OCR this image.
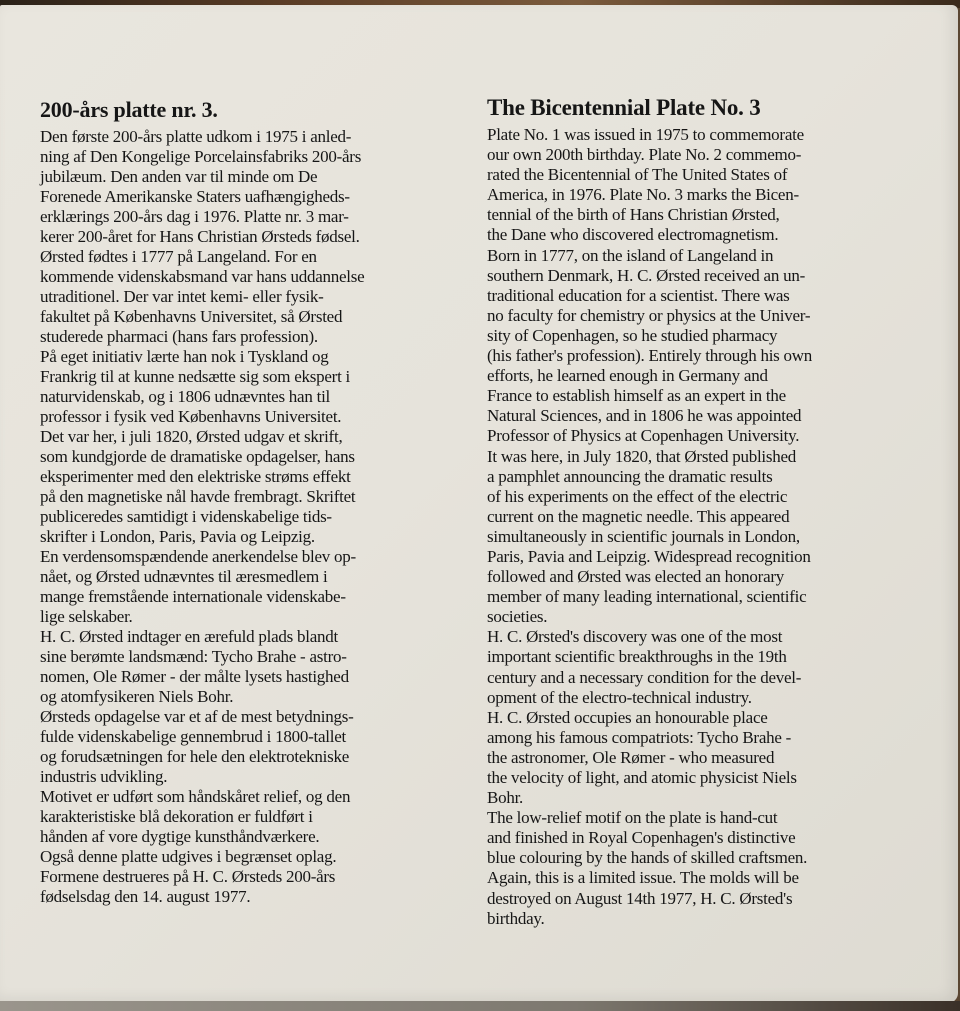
200-års platte nr. 3.
Den første 200-års platte udkom i 1975 i anled-
ning af Den Kongelige Porcelainsfabriks 200-års
jubilæum. Den anden var til minde om De
Forenede Amerikanske Staters uafhængigheds-
erklærings 200-års dag i 1976. Platte nr. 3 mar-
kerer 200-året for Hans Christian Ørsteds fødsel.
Ørsted fødtes i 1777 på Langeland. For en
kommende videnskabsmand var hans uddannelse
utraditionel. Der var intet kemi- eller fysik-
fakultet på Københavns Universitet, så Ørsted
studerede pharmaci (hans fars profession).
På eget initiativ lærte han nok i Tyskland og
Frankrig til at kunne nedsætte sig som ekspert i
naturvidenskab, og i 1806 udnævntes han til
professor i fysik ved Københavns Universitet.
Det var her, i juli 1820, Ørsted udgav et skrift,
som kundgjorde de dramatiske opdagelser, hans
eksperimenter med den elektriske strøms effekt
på den magnetiske nål havde frembragt. Skriftet
publiceredes samtidigt i videnskabelige tids-
skrifter i London, Paris, Pavia og Leipzig.
En verdensomspændende anerkendelse blev op-
nået, og Ørsted udnævntes til æresmedlem i
mange fremstående internationale videnskabe-
lige selskaber.
H. C. Ørsted indtager en ærefuld plads blandt
sine berømte landsmænd: Tycho Brahe - astro-
nomen, Ole Rømer - der målte lysets hastighed
og atomfysikeren Niels Bohr.
Ørsteds opdagelse var et af de mest betydnings-
fulde videnskabelige gennembrud i 1800-tallet
og forudsætningen for hele den elektrotekniske
industris udvikling.
Motivet er udført som håndskåret relief, og den
karakteristiske blå dekoration er fuldført i
hånden af vore dygtige kunsthåndværkere.
Også denne platte udgives i begrænset oplag.
Formene destrueres på H. C. Ørsteds 200-års
fødselsdag den 14. august 1977.
The Bicentennial Plate No. 3
Plate No. 1 was issued in 1975 to commemorate
our own 200th birthday. Plate No. 2 commemo-
rated the Bicentennial of The United States of
America, in 1976. Plate No. 3 marks the Bicen-
tennial of the birth of Hans Christian Ørsted,
the Dane who discovered electromagnetism.
Born in 1777, on the island of Langeland in
southern Denmark, H. C. Ørsted received an un-
traditional education for a scientist. There was
no faculty for chemistry or physics at the Univer-
sity of Copenhagen, so he studied pharmacy
(his father's profession). Entirely through his own
efforts, he learned enough in Germany and
France to establish himself as an expert in the
Natural Sciences, and in 1806 he was appointed
Professor of Physics at Copenhagen University.
It was here, in July 1820, that Ørsted published
a pamphlet announcing the dramatic results
of his experiments on the effect of the electric
current on the magnetic needle. This appeared
simultaneously in scientific journals in London,
Paris, Pavia and Leipzig. Widespread recognition
followed and Ørsted was elected an honorary
member of many leading international, scientific
societies.
H. C. Ørsted's discovery was one of the most
important scientific breakthroughs in the 19th
century and a necessary condition for the devel-
opment of the electro-technical industry.
H. C. Ørsted occupies an honourable place
among his famous compatriots: Tycho Brahe -
the astronomer, Ole Rømer - who measured
the velocity of light, and atomic physicist Niels
Bohr.
The low-relief motif on the plate is hand-cut
and finished in Royal Copenhagen's distinctive
blue colouring by the hands of skilled craftsmen.
Again, this is a limited issue. The molds will be
destroyed on August 14th 1977, H. C. Ørsted's
birthday.
